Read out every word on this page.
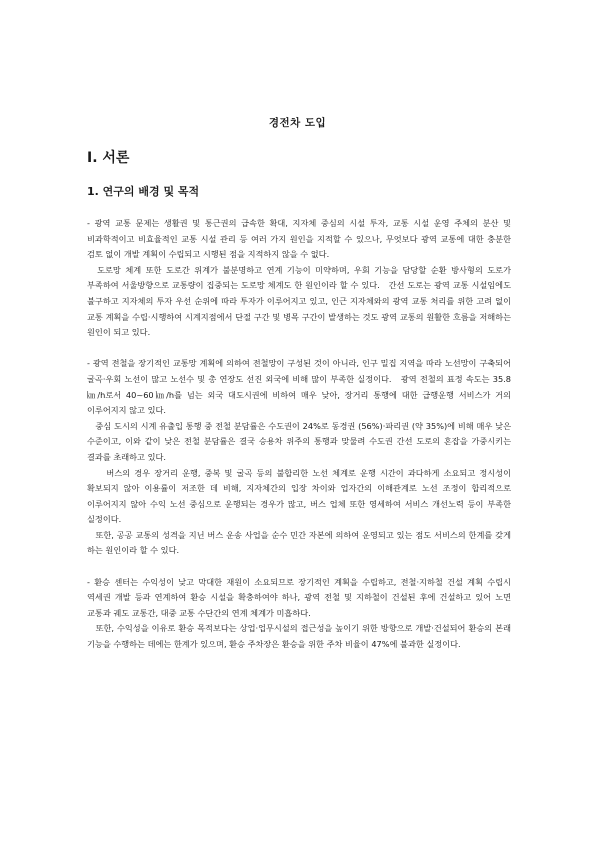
경전차 도입
Ⅰ. 서론
1. 연구의 배경 및 목적

- 광역 교통 문제는 생활권 및 통근권의 급속한 확대, 지자체 중심의 시설 투자, 교통 시설 운영 주체의 분산 및 비과학적이고 비효율적인 교통 시설 관리 등 여러 가지 원인을 지적할 수 있으나, 무엇보다 광역 교통에 대한 충분한 검토 없이 개발 계획이 수립되고 시행된 점을 지적하지 않을 수 없다.

　도로망 체계 또한 도로간 위계가 불분명하고 연계 기능이 미약하며, 우회 기능을 담당할 순환 방사형의 도로가 부족하여 서울방향으로 교통량이 집중되는 도로망 체계도 한 원인이라 할 수 있다.　간선 도로는 광역 교통 시설임에도 불구하고 지자체의 투자 우선 순위에 따라 투자가 이루어지고 있고, 인근 지자체와의 광역 교통 처리를 위한 고려 없이 교통 계획을 수립·시행하여 시계지점에서 단절 구간 및 병목 구간이 발생하는 것도 광역 교통의 원활한 흐름을 저해하는 원인이 되고 있다.

- 광역 전철을 장기적인 교통망 계획에 의하여 전철망이 구성된 것이 아니라, 인구 밀집 지역을 따라 노선망이 구축되어 굴곡·우회 노선이 많고 노선수 및 총 연장도 선진 외국에 비해 많이 부족한 실정이다.　광역 전철의 표정 속도는 35.8㎞/h로서 40~60㎞/h를 넘는 외국 대도시권에 비하여 매우 낮아, 장거리 통행에 대한 급행운행 서비스가 거의 이루어지지 않고 있다.

　중심 도시의 시계 유출입 통행 중 전철 분담률은 수도권이 24%로 동경권 (56%)·파리권 (약 35%)에 비해 매우 낮은 수준이고, 이와 같이 낮은 전철 분담률은 결국 승용차 위주의 통행과 맞물려 수도권 간선 도로의 혼잡을 가중시키는 결과를 초래하고 있다.

　　버스의 경우 장거리 운행, 중복 및 굴곡 등의 불합리한 노선 체계로 운행 시간이 과다하게 소요되고 정시성이 확보되지 않아 이용률이 저조한 데 비해, 지자체간의 입장 차이와 업자간의 이해관계로 노선 조정이 합리적으로 이루어지지 않아 수익 노선 중심으로 운행되는 경우가 많고, 버스 업체 또한 영세하여 서비스 개선노력 등이 부족한 실정이다.

　또한, 공공 교통의 성격을 지닌 버스 운송 사업을 순수 민간 자본에 의하여 운영되고 있는 점도 서비스의 한계를 갖게 하는 원인이라 할 수 있다.

- 환승 센터는 수익성이 낮고 막대한 재원이 소요되므로 장기적인 계획을 수립하고, 전철·지하철 건설 계획 수립시 역세권 개발 등과 연계하여 환승 시설을 확충하여야 하나, 광역 전철 및 지하철이 건설된 후에 건설하고 있어 노면 교통과 궤도 교통간, 대중 교통 수단간의 연계 체계가 미흡하다.

　또한, 수익성을 이유로 환승 목적보다는 상업·업무시설의 접근성을 높이기 위한 방향으로 개발·건설되어 환승의 본래 기능을 수행하는 데에는 한계가 있으며, 환승 주차장은 환승을 위한 주차 비율이 47%에 불과한 실정이다.
